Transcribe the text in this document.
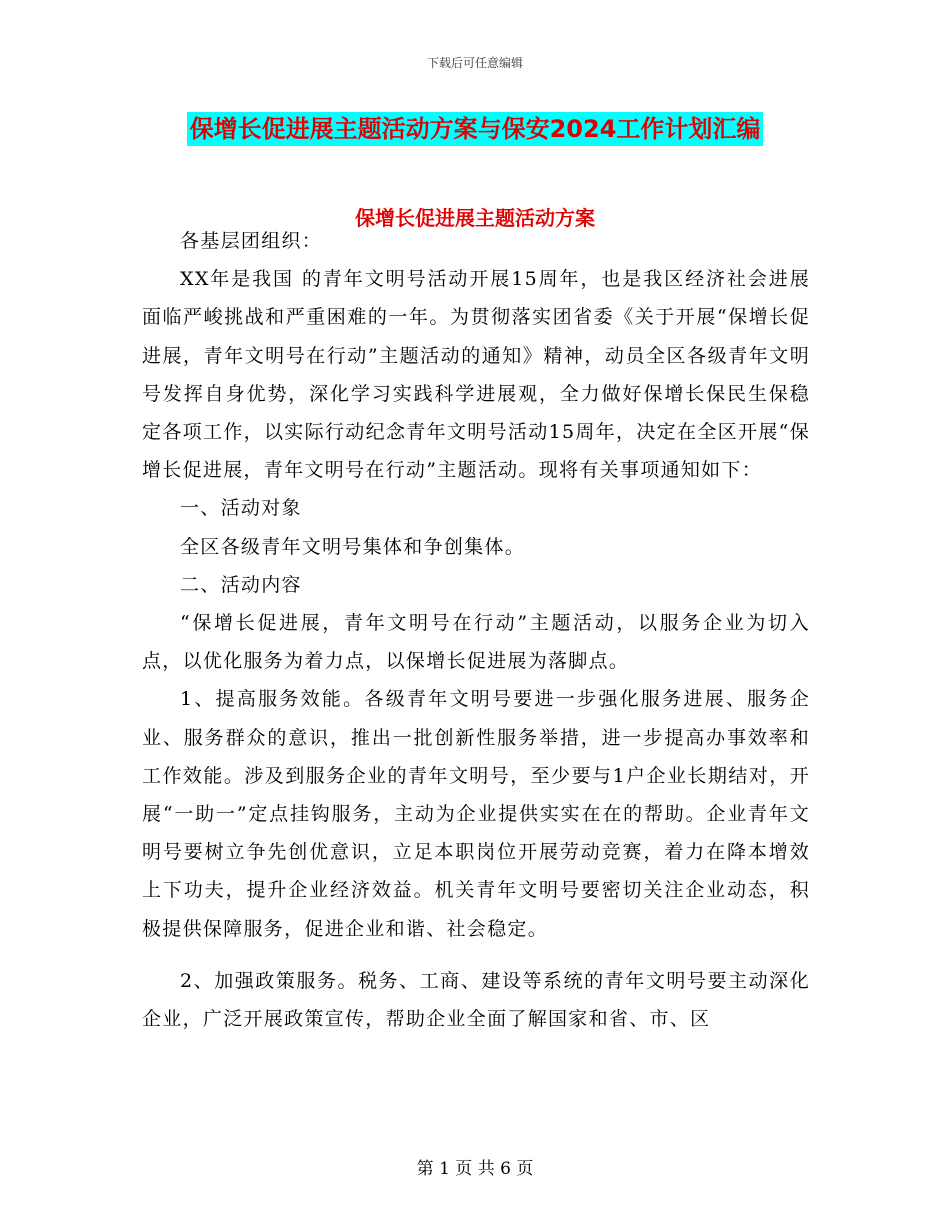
下载后可任意编辑
保增长促进展主题活动方案与保安2024工作计划汇编
保增长促进展主题活动方案

各基层团组织：

XX年是我国 的青年文明号活动开展15周年，也是我区经济社会进展面临严峻挑战和严重困难的一年。为贯彻落实团省委《关于开展“保增长促进展，青年文明号在行动”主题活动的通知》精神，动员全区各级青年文明号发挥自身优势，深化学习实践科学进展观，全力做好保增长保民生保稳定各项工作，以实际行动纪念青年文明号活动15周年，决定在全区开展“保增长促进展，青年文明号在行动”主题活动。现将有关事项通知如下：

一、活动对象

全区各级青年文明号集体和争创集体。

二、活动内容

“保增长促进展，青年文明号在行动”主题活动，以服务企业为切入点，以优化服务为着力点，以保增长促进展为落脚点。

1、提高服务效能。各级青年文明号要进一步强化服务进展、服务企业、服务群众的意识，推出一批创新性服务举措，进一步提高办事效率和工作效能。涉及到服务企业的青年文明号，至少要与1户企业长期结对，开展“一助一”定点挂钩服务，主动为企业提供实实在在的帮助。企业青年文明号要树立争先创优意识，立足本职岗位开展劳动竞赛，着力在降本增效上下功夫，提升企业经济效益。机关青年文明号要密切关注企业动态，积极提供保障服务，促进企业和谐、社会稳定。

2、加强政策服务。税务、工商、建设等系统的青年文明号要主动深化企业，广泛开展政策宣传，帮助企业全面了解国家和省、市、区

第 1 页 共 6 页
